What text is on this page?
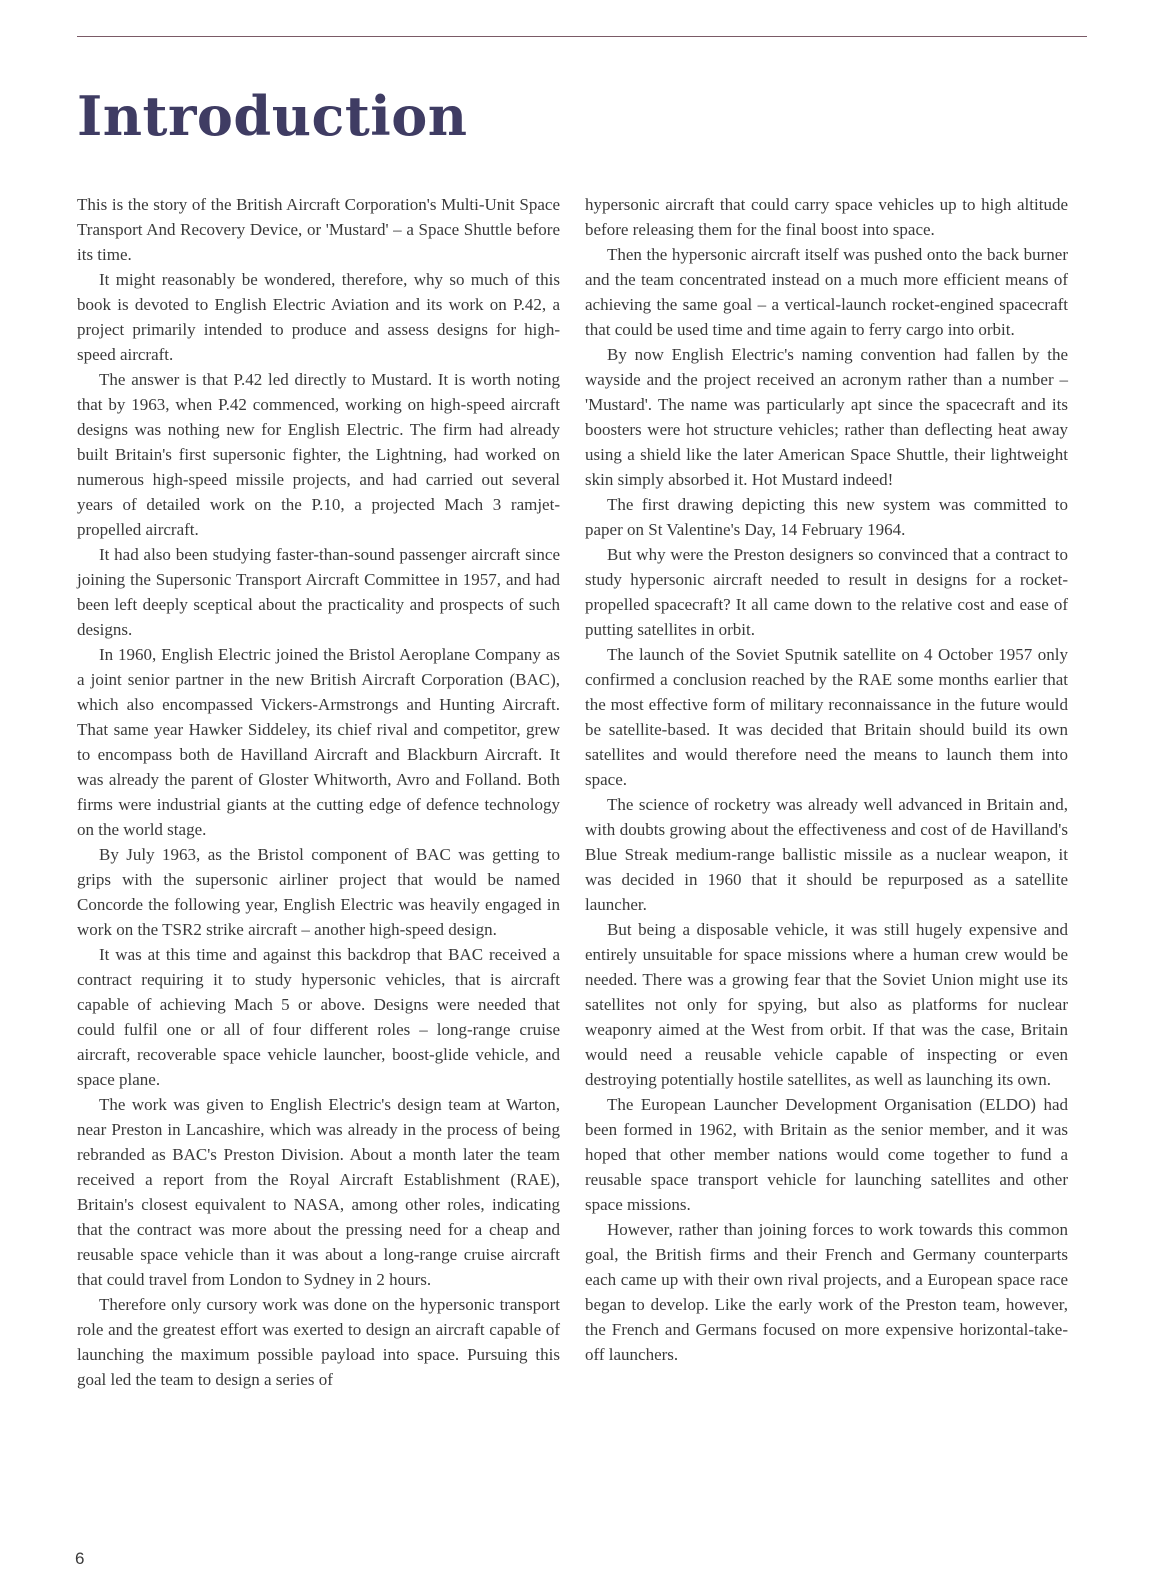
Introduction

This is the story of the British Aircraft Corporation's Multi-Unit Space Transport And Recovery Device, or 'Mustard' – a Space Shuttle before its time.

It might reasonably be wondered, therefore, why so much of this book is devoted to English Electric Aviation and its work on P.42, a project primarily intended to produce and assess designs for high-speed aircraft.

The answer is that P.42 led directly to Mustard. It is worth noting that by 1963, when P.42 commenced, working on high-speed aircraft designs was nothing new for English Electric. The firm had already built Britain's first supersonic fighter, the Lightning, had worked on numerous high-speed missile projects, and had carried out several years of detailed work on the P.10, a projected Mach 3 ramjet-propelled aircraft.

It had also been studying faster-than-sound passenger aircraft since joining the Supersonic Transport Aircraft Committee in 1957, and had been left deeply sceptical about the practicality and prospects of such designs.

In 1960, English Electric joined the Bristol Aeroplane Company as a joint senior partner in the new British Aircraft Corporation (BAC), which also encompassed Vickers-Armstrongs and Hunting Aircraft. That same year Hawker Siddeley, its chief rival and competitor, grew to encompass both de Havilland Aircraft and Blackburn Aircraft. It was already the parent of Gloster Whitworth, Avro and Folland. Both firms were industrial giants at the cutting edge of defence technology on the world stage.

By July 1963, as the Bristol component of BAC was getting to grips with the supersonic airliner project that would be named Concorde the following year, English Electric was heavily engaged in work on the TSR2 strike aircraft – another high-speed design.

It was at this time and against this backdrop that BAC received a contract requiring it to study hypersonic vehicles, that is aircraft capable of achieving Mach 5 or above. Designs were needed that could fulfil one or all of four different roles – long-range cruise aircraft, recoverable space vehicle launcher, boost-glide vehicle, and space plane.

The work was given to English Electric's design team at Warton, near Preston in Lancashire, which was already in the process of being rebranded as BAC's Preston Division. About a month later the team received a report from the Royal Aircraft Establishment (RAE), Britain's closest equivalent to NASA, among other roles, indicating that the contract was more about the pressing need for a cheap and reusable space vehicle than it was about a long-range cruise aircraft that could travel from London to Sydney in 2 hours.

Therefore only cursory work was done on the hypersonic transport role and the greatest effort was exerted to design an aircraft capable of launching the maximum possible payload into space. Pursuing this goal led the team to design a series of

hypersonic aircraft that could carry space vehicles up to high altitude before releasing them for the final boost into space.

Then the hypersonic aircraft itself was pushed onto the back burner and the team concentrated instead on a much more efficient means of achieving the same goal – a vertical-launch rocket-engined spacecraft that could be used time and time again to ferry cargo into orbit.

By now English Electric's naming convention had fallen by the wayside and the project received an acronym rather than a number – 'Mustard'. The name was particularly apt since the spacecraft and its boosters were hot structure vehicles; rather than deflecting heat away using a shield like the later American Space Shuttle, their lightweight skin simply absorbed it. Hot Mustard indeed!

The first drawing depicting this new system was committed to paper on St Valentine's Day, 14 February 1964.

But why were the Preston designers so convinced that a contract to study hypersonic aircraft needed to result in designs for a rocket-propelled spacecraft? It all came down to the relative cost and ease of putting satellites in orbit.

The launch of the Soviet Sputnik satellite on 4 October 1957 only confirmed a conclusion reached by the RAE some months earlier that the most effective form of military reconnaissance in the future would be satellite-based. It was decided that Britain should build its own satellites and would therefore need the means to launch them into space.

The science of rocketry was already well advanced in Britain and, with doubts growing about the effectiveness and cost of de Havilland's Blue Streak medium-range ballistic missile as a nuclear weapon, it was decided in 1960 that it should be repurposed as a satellite launcher.

But being a disposable vehicle, it was still hugely expensive and entirely unsuitable for space missions where a human crew would be needed. There was a growing fear that the Soviet Union might use its satellites not only for spying, but also as platforms for nuclear weaponry aimed at the West from orbit. If that was the case, Britain would need a reusable vehicle capable of inspecting or even destroying potentially hostile satellites, as well as launching its own.

The European Launcher Development Organisation (ELDO) had been formed in 1962, with Britain as the senior member, and it was hoped that other member nations would come together to fund a reusable space transport vehicle for launching satellites and other space missions.

However, rather than joining forces to work towards this common goal, the British firms and their French and Germany counterparts each came up with their own rival projects, and a European space race began to develop. Like the early work of the Preston team, however, the French and Germans focused on more expensive horizontal-take-off launchers.

6
